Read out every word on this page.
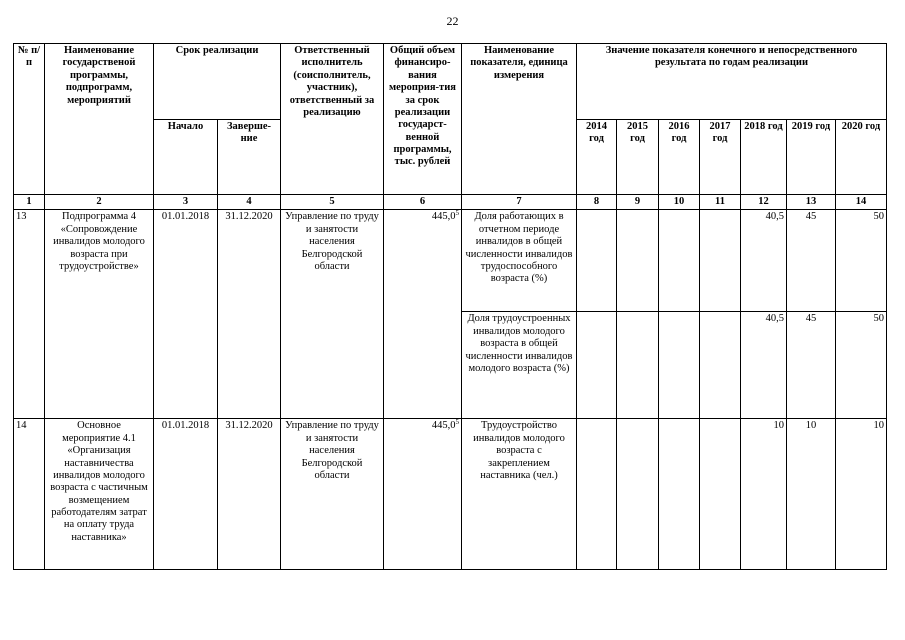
22
№ п/п	Наименование государственой программы, подпрограмм, мероприятий	Срок реализации		Ответственный исполнитель (соисполнитель, участник), ответственный за реализацию	Общий объем финансиро-вания мероприя-тия за срок реализации государст-венной программы, тыс. рублей	Наименование показателя, единица измерения	Значение показателя конечного и непосредственного результата по годам реализации						
		Начало	Заверше-ние				2014 год	2015 год	2016 год	2017 год	2018 год	2019 год	2020 год
1	2	3	4	5	6	7	8	9	10	11	12	13	14
13	Подпрограмма 4 «Сопровождение инвалидов молодого возраста при трудоустройстве»	01.01.2018	31.12.2020	Управление по труду и занятости населения Белгородской области	445,0$^5$	Доля работающих в отчетном периоде инвалидов в общей численности инвалидов трудоспособного возраста (%)					40,5	45	50
						Доля трудоустроенных инвалидов молодого возраста в общей численности инвалидов молодого возраста (%)					40,5	45	50
14	Основное мероприятие 4.1 «Организация наставничества инвалидов молодого возраста с частичным возмещением работодателям затрат на оплату труда наставника»	01.01.2018	31.12.2020	Управление по труду и занятости населения Белгородской области	445,0$^5$	Трудоустройство инвалидов молодого возраста с закреплением наставника (чел.)					10	10	10
